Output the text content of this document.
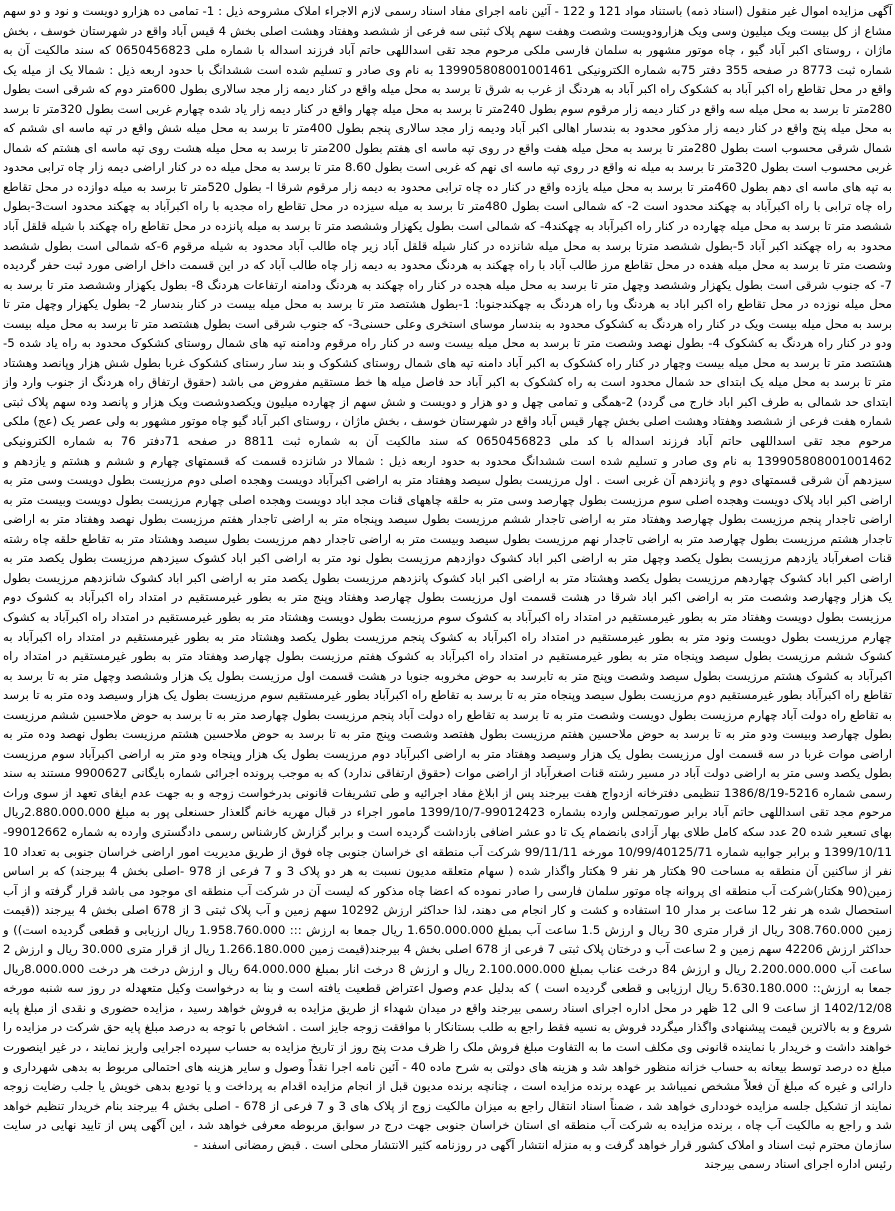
آگهی مزایده اموال غیر منقول (اسناد ذمه) باستناد مواد 121 و 122 - آئین نامه اجرای مفاد اسناد رسمی لازم الاجراء املاک مشروحه ذیل : 1- تمامی ده هزارو دویست و نود و دو سهم مشاع از کل بیست ویک میلیون وسی ویک هزارودویست وشصت وهفت سهم پلاک ثبتی سه فرعی از ششصد وهفتاد وهشت اصلی بخش 4 قیس آباد واقع در شهرستان خوسف ، بخش ماژان ، روستای اکبر آباد گیو ، چاه موتور مشهور به سلمان فارسی ملکی مرحوم مجد تقی اسداللهی حاتم آباد فرزند اسداله با شماره ملی 0650456823 که سند مالکیت آن به شماره ثبت 8773 در صفحه 355 دفتر 75به شماره الکترونیکی 139905808001001461 به نام وی صادر و تسلیم شده است ششدانگ با حدود اربعه ذیل : شمالا یک از میله یک واقع در محل تقاطع راه اکبر آباد به کشکوک راه اکبر آباد به هردنگ از غرب به شرق تا برسد به محل میله واقع در کنار دیمه زار مجد سالاری بطول 600متر دوم که شرقی است بطول 280متر تا برسد به محل میله سه واقع در کنار دیمه زار مرقوم سوم بطول 240متر تا برسد به محل میله چهار واقع در کنار دیمه زار یاد شده چهارم غربی است بطول 320متر تا برسد به محل میله پنج واقع در کنار دیمه زار مذکور محدود به بندسار اهالی اکبر آباد ودیمه زار مجد سالاری پنجم بطول 400متر تا برسد به محل میله شش واقع در تپه ماسه ای ششم که شمال شرقی محسوب است بطول 280متر تا برسد به محل میله هفت واقع در روی تپه ماسه ای هفتم بطول 200متر تا برسد به محل میله هشت روی تپه ماسه ای هشتم که شمال غربی محسوب است بطول 320متر تا برسد به میله نه واقع در روی تپه ماسه ای نهم که غربی است بطول 8.60 متر تا برسد به محل میله ده در کنار اراضی دیمه زار چاه ترابی محدود به تپه های ماسه ای دهم بطول 460متر تا برسد به محل میله یازده واقع در کنار ده چاه ترابی محدود به دیمه زار مرقوم شرقا ا- بطول 520متر تا برسد به میله دوازده در محل تقاطع راه چاه ترابی با راه اکبرآباد به چهکند محدود است 2- که شمالی است بطول 480متر تا برسد به میله سیزده در محل تقاطع راه مجدیه با راه اکبرآباد به چهکند محدود است3-بطول ششصد متر تا برسد به محل میله چهارده در کنار راه اکبرآباد به چهکند4- که شمالی است بطول یکهزار وششصد متر تا برسد به میله پانزده در محل تقاطع راه چهکند با شیله قلقل آباد محدود به راه چهکند اکبر آباد 5-بطول ششصد مترتا برسد به محل میله شانزده در کنار شیله قلقل آباد زیر چاه طالب آباد محدود به شیله مرقوم 6-که شمالی است بطول ششصد وشصت متر تا برسد به محل میله هفده در محل تقاطع مرز طالب آباد با راه چهکند به هردنگ محدود به دیمه زار چاه طالب آباد که در این قسمت داخل اراضی مورد ثبت حفر گردیده 7- که جنوب شرقی است بطول یکهزار وششصد وچهل متر تا برسد به محل میله هجده در کنار راه چهکند به هردنگ ودامنه ارتفاعات هردنگ 8- بطول یکهزار وششصد متر تا برسد به محل میله نوزده در محل تقاطع راه اکبر اباد به هردنگ وبا راه هردنگ به چهکندجنوبا: 1-بطول هشتصد متر تا برسد به محل میله بیست در کنار بندسار 2- بطول یکهزار وچهل متر تا برسد به محل میله بیست ویک در کنار راه هردنگ به کشکوک محدود به بندسار موسای استخری وعلی حسنی3- که جنوب شرقی است بطول هشتصد متر تا برسد به محل میله بیست ودو در کنار راه هردنگ به کشکوک 4- بطول نهصد وشصت متر تا برسد به محل میله بیست وسه در کنار راه مرقوم ودامنه تپه های شمال روستای کشکوک محدود به راه یاد شده 5- هشتصد متر تا برسد به محل میله بیست وچهار در کنار راه کشکوک به اکبر آباد دامنه تپه های شمال روستای کشکوک و بند سار رستای کشکوک غربا بطول شش هزار وپانصد وهشتاد متر تا برسد به محل میله یک ابتدای حد شمال محدود است به راه کشکوک به اکبر آباد حد فاصل میله ها خط مستقیم مفروض می باشد (حقوق ارتفاق راه هردنگ از جنوب وارد واز ابتدای حد شمالی به طرف اکبر اباد خارج می گردد) 2-همگی و تمامی چهل و دو هزار و دویست و شش سهم از چهارده میلیون ویکصدوشصت ویک هزار و پانصد وده سهم پلاک ثبتی شماره هفت فرعی از ششصد وهفتاد وهشت اصلی بخش چهار قیس آباد واقع در شهرستان خوسف ، بخش ماژان ، روستای اکبر آباد گیو چاه موتور مشهور به ولی عصر یک (عج) ملکی مرحوم مجد تقی اسداللهی حاتم آباد فرزند اسداله با کد ملی 0650456823 که سند مالکیت آن به شماره ثبت 8811 در صفحه 71دفتر 76 به شماره الکترونیکی 139905808001001462 به نام وی صادر و تسلیم شده است ششدانگ محدود به حدود اربعه ذیل : شمالا در شانزده قسمت که قسمتهای چهارم و ششم و هشتم و یازدهم و سیزدهم آن شرقی قسمتهای دوم و پانزدهم آن غربی است . اول مرزیست بطول سیصد وهفتاد متر به اراضی اکبرآباد دویست وهجده اصلی دوم مرزیست بطول دویست وسی متر به اراضی اکبر اباد پلاک دویست وهجده اصلی سوم مرزیست بطول چهارصد وسی متر به حلقه چاههای قنات مجد اباد دویست وهجده اصلی چهارم مرزیست بطول دویست وبیست متر به اراضی تاجدار پنجم مرزیست بطول چهارصد وهفتاد متر به اراضی تاجدار ششم مرزیست بطول سیصد وپنجاه متر به اراضی تاجدار هفتم مرزیست بطول نهصد وهفتاد متر به اراضی تاجدار هشتم مرزیست بطول چهارصد متر به اراضی تاجدار نهم مرزیست بطول سیصد وبیست متر به اراضی تاجدار دهم مرزیست بطول سیصد وهشتاد متر به تقاطع حلقه چاه رشته قنات اصغرآباد یازدهم مرزیست بطول یکصد وچهل متر به اراضی اکبر اباد کشوک دوازدهم مرزیست بطول نود متر به اراضی اکبر اباد کشوک سیزدهم مرزیست بطول یکصد متر به اراضی اکبر اباد کشوک چهاردهم مرزیست بطول یکصد وهشتاد متر به اراضی اکبر اباد کشوک پانزدهم مرزیست بطول یکصد متر به اراضی اکبر اباد کشوک شانزدهم مرزیست بطول یک هزار وچهارصد وشصت متر به اراضی اکبر اباد شرقا در هشت قسمت اول مرزیست بطول چهارصد وهفتاد وپنج متر به بطور غیرمستقیم در امتداد راه اکبرآباد به کشوک دوم مرزیست بطول دویست وهفتاد متر به بطور غیرمستقیم در امتداد راه اکبرآباد به کشوک سوم مرزیست بطول دویست وهشتاد متر به بطور غیرمستقیم در امتداد راه اکبرآباد به کشوک چهارم مرزیست بطول دویست ونود متر به بطور غیرمستقیم در امتداد راه اکبرآباد به کشوک پنجم مرزیست بطول یکصد وهشتاد متر به بطور غیرمستقیم در امتداد راه اکبرآباد به کشوک ششم مرزیست بطول سیصد وپنجاه متر به بطور غیرمستقیم در امتداد راه اکبرآباد به کشوک هفتم مرزیست بطول چهارصد وهفتاد متر به بطور غیرمستقیم در امتداد راه اکبرآباد به کشوک هشتم مرزیست بطول سیصد وشصت وپنج متر به تابرسد به حوض مخروبه جنوبا در هشت قسمت اول مرزیست بطول یک هزار وششصد وچهل متر به تا برسد به تقاطع راه اکبرآباد بطور غیرمستقیم دوم مرزیست بطول سیصد وپنجاه متر به تا برسد به تقاطع راه اکبرآباد بطور غیرمستقیم سوم مرزیست بطول یک هزار وسیصد وده متر به تا برسد به تقاطع راه دولت آباد چهارم مرزیست بطول دویست وشصت متر به تا برسد به تقاطع راه دولت آباد پنجم مرزیست بطول چهارصد متر به تا برسد به حوض ملاحسین ششم مرزیست بطول چهارصد وبیست ودو متر به تا برسد به حوض ملاحسین هفتم مرزیست بطول هفتصد وشصت وپنج متر به تا برسد به حوض ملاحسین هشتم مرزیست بطول نهصد وده متر به اراضی موات غربا در سه قسمت اول مرزیست بطول یک هزار وسیصد وهفتاد متر به اراضی اکبرآباد دوم مرزیست بطول یک هزار وپنجاه ودو متر به اراضی اکبرآباد سوم مرزیست بطول یکصد وسی متر به اراضی دولت آباد در مسیر رشته قنات اصغرآباد از اراضی موات (حقوق ارتفاقی ندارد) که به موجب پرونده اجرائی شماره بایگانی 9900627 مستند به سند رسمی شماره 5216-1386/8/19 تنظیمی دفترخانه ازدواج هفت بیرجند پس از ابلاغ مفاد اجرائیه و طی تشریفات قانونی بدرخواست زوجه و به جهت عدم ایفای تعهد از سوی وراث مرحوم مجد تقی اسداللهی حاتم آباد برابر صورتمجلس وارده بشماره 99012423-1399/10/7 مامور اجراء در قبال مهریه خانم گلعذار حسنعلی پور به مبلغ 2.880.000.000ریال بهای تسعیر شده 20 عدد سکه کامل طلای بهار آزادی بانضمام یک تا دو عشر اضافی بازداشت گردیده است و برابر گزارش کارشناس رسمی دادگستری وارده به شماره 99012662-1399/10/11 و برابر جوابیه شماره 10/99/40125/71 مورخه 99/11/11 شرکت آب منطقه ای خراسان جنوبی چاه فوق از طریق مدیریت امور اراضی خراسان جنوبی به تعداد 10 نفر از ساکنین آن منطقه به مساحت 90 هکتار هر نفر 9 هکتار واگذار شده ( سهام متعلقه مدیون نسبت به هر دو پلاک 3 و 7 فرعی از 978 -اصلی بخش 4 بیرجند) که بر اساس زمین(90 هکتار)شرکت آب منطقه ای پروانه چاه موتور سلمان فارسی را صادر نموده که اعضا چاه مذکور که لیست آن در شرکت آب منطقه ای موجود می باشد قرار گرفته و از آب استحصال شده هر نفر 12 ساعت بر مدار 10 استفاده و کشت و کار انجام می دهند، لذا حداکثر ارزش 10292 سهم زمین و آب پلاک ثبتی 3 از 678 اصلی بخش 4 بیرجند ((قیمت زمین 308.760.000 ریال از قرار متری 30 ریال و ارزش 1.5 ساعت آب بمبلغ 1.650.000.000 ریال جمعا به ارزش ::: 1.958.760.000 ریال ارزیابی و قطعی گردیده است)) و حداکثر ارزش 42206 سهم زمین و 2 ساعت آب و درختان پلاک ثبتی 7 فرعی از 678 اصلی بخش 4 بیرجند(قیمت زمین 1.266.180.000 ریال از قرار متری 30.000 ریال و ارزش 2 ساعت آب 2.200.000.000 ریال و ارزش 84 درخت عناب بمبلغ 2.100.000.000 ریال و ارزش 8 درخت انار بمبلغ 64.000.000 ریال و ارزش درخت هر درخت 8.000.000ریال جمعا به ارزش:: 5.630.180.000 ریال ارزیابی و قطعی گردیده است ) که بدلیل عدم وصول اعتراض قطعیت یافته است و بنا به درخواست وکیل متعهدله در روز سه شنبه مورخه 1402/12/08 از ساعت 9 الی 12 ظهر در محل اداره اجرای اسناد رسمی بیرجند واقع در میدان شهداء از طریق مزایده به فروش خواهد رسید ، مزایده حضوری و نقدی از مبلغ پایه شروع و به بالاترین قیمت پیشنهادی واگذار میگردد فروش به نسیه فقط راجع به طلب بستانکار با موافقت زوجه جایز است . اشخاص با توجه به درصد مبلغ پایه حق شرکت در مزایده را خواهند داشت و خریدار با نماینده قانونی وی مکلف است ما به التفاوت مبلغ فروش ملک را ظرف مدت پنج روز از تاریخ مزایده به حساب سپرده اجرایی واریز نمایند ، در غیر اینصورت مبلغ ده درصد توسط بیعانه به حساب خزانه منظور خواهد شد و هزینه های دولتی به شرح ماده 40 - آئین نامه اجرا نقداً وصول و سایر هزینه های احتمالی مربوط به بدهی شهرداری و دارائی و غیره که مبلغ آن فعلاً مشخص نمیباشد بر عهده برنده مزایده است ، چنانچه برنده مدیون قبل از انجام مزایده اقدام به پرداخت و یا تودیع بدهی خویش یا جلب رضایت زوجه نمایند از تشکیل جلسه مزایده خودداری خواهد شد ، ضمناً اسناد انتقال راجع به میزان مالکیت زوج از پلاک های 3 و 7 فرعی از 678 - اصلی بخش 4 بیرجند بنام خریدار تنظیم خواهد شد و راجع به مالکیت آب چاه ، برنده مزایده به شرکت آب منطقه ای استان خراسان جنوبی جهت درج در سوابق مربوطه معرفی خواهد شد ، این آگهی پس از تایید نهایی در سایت سازمان محترم ثبت اسناد و املاک کشور قرار خواهد گرفت و به منزله انتشار آگهی در روزنامه کثیر الانتشار محلی است . قبض رمضانی اسفند -

رئیس اداره اجرای اسناد رسمی بیرجند
